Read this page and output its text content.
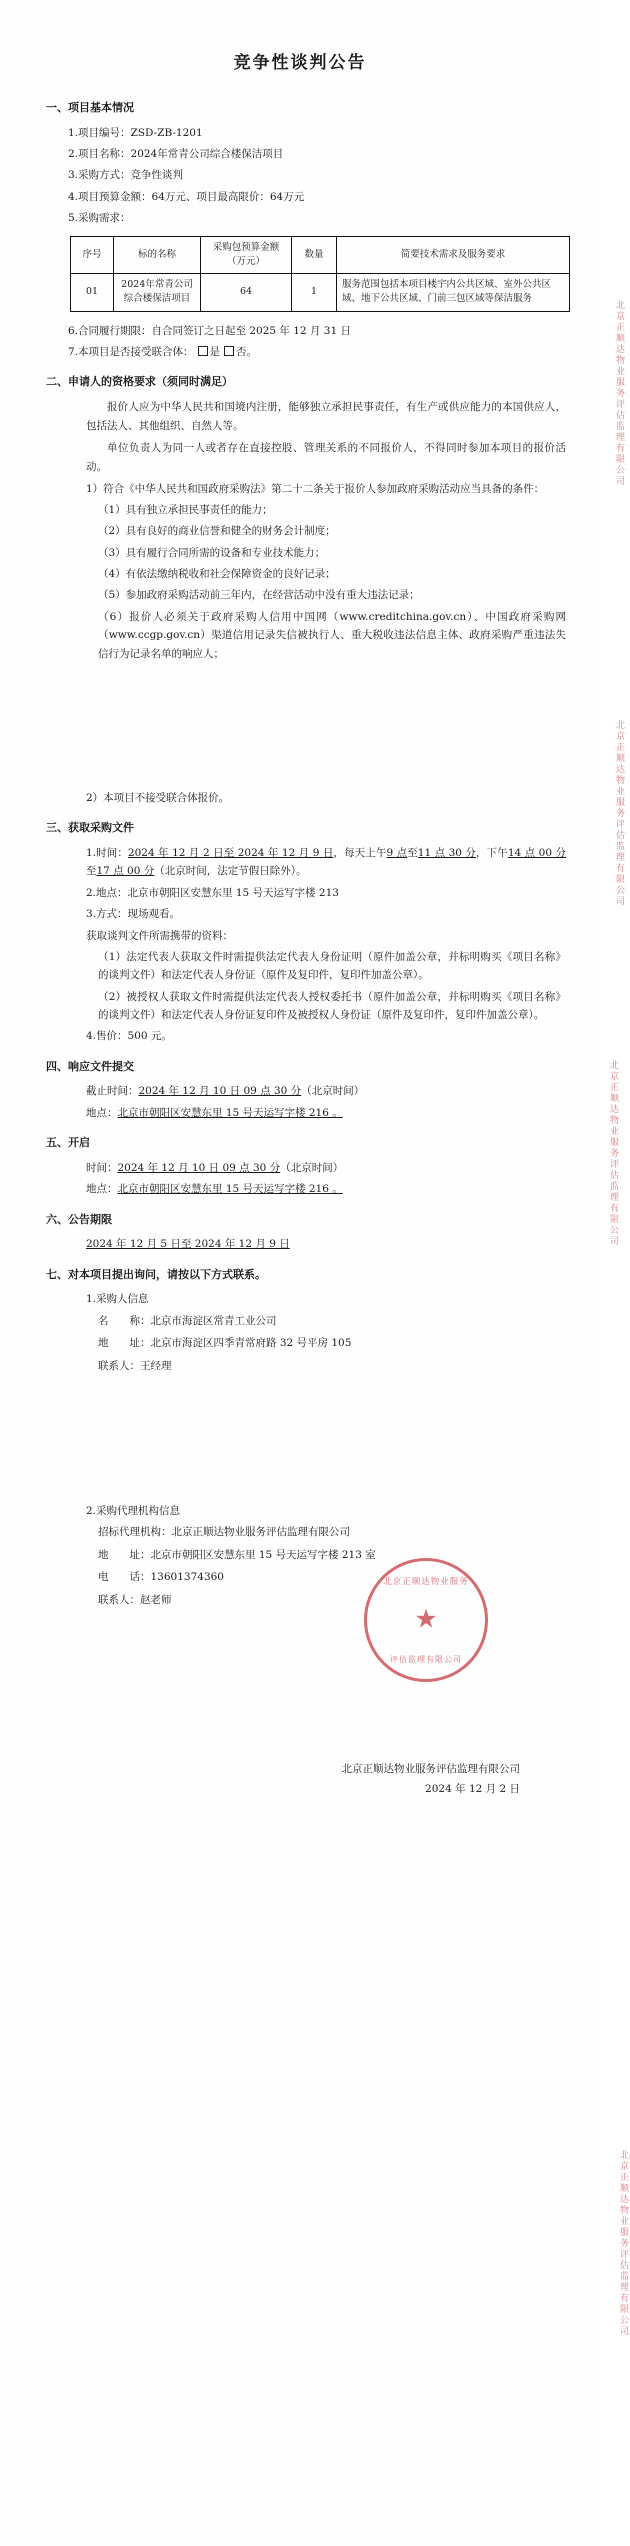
北京正顺达物业服务评估监理有限公司
北京正顺达物业服务评估监理有限公司
北京正顺达物业服务评估监理有限公司
北京正顺达物业服务评估监理有限公司
竞争性谈判公告
一、项目基本情况
1.项目编号：ZSD-ZB-1201
2.项目名称：2024年常青公司综合楼保洁项目
3.采购方式：竞争性谈判
4.项目预算金额：64万元、项目最高限价：64万元
5.采购需求：
序号	标的名称	采购包预算金额（万元）	数量	简要技术需求及服务要求
01	2024年常青公司综合楼保洁项目	64	1	服务范围包括本项目楼宇内公共区域、室外公共区域、地下公共区域、门前三包区域等保洁服务
6.合同履行期限：自合同签订之日起至 2025 年 12 月 31 日
7.本项目是否接受联合体： 是 否。
二、申请人的资格要求（须同时满足）
报价人应为中华人民共和国境内注册，能够独立承担民事责任，有生产或供应能力的本国供应人，包括法人、其他组织、自然人等。
单位负责人为同一人或者存在直接控股、管理关系的不同报价人，不得同时参加本项目的报价活动。
1）符合《中华人民共和国政府采购法》第二十二条关于报价人参加政府采购活动应当具备的条件：
（1）具有独立承担民事责任的能力；
（2）具有良好的商业信誉和健全的财务会计制度；
（3）具有履行合同所需的设备和专业技术能力；
（4）有依法缴纳税收和社会保障资金的良好记录；
（5）参加政府采购活动前三年内，在经营活动中没有重大违法记录；
（6）报价人必须关于政府采购人信用中国网（www.creditchina.gov.cn）、中国政府采购网（www.ccgp.gov.cn）渠道信用记录失信被执行人、重大税收违法信息主体、政府采购严重违法失信行为记录名单的响应人；
2）本项目不接受联合体报价。
三、获取采购文件
1.时间：2024 年 12 月 2 日至 2024 年 12 月 9 日，每天上午9 点至11 点 30 分，下午14 点 00 分至17 点 00 分（北京时间，法定节假日除外）。
2.地点：北京市朝阳区安慧东里 15 号天运写字楼 213
3.方式：现场观看。
获取谈判文件所需携带的资料：
（1）法定代表人获取文件时需提供法定代表人身份证明（原件加盖公章，并标明购买《项目名称》的谈判文件）和法定代表人身份证（原件及复印件，复印件加盖公章）。
（2）被授权人获取文件时需提供法定代表人授权委托书（原件加盖公章，并标明购买《项目名称》的谈判文件）和法定代表人身份证复印件及被授权人身份证（原件及复印件，复印件加盖公章）。
4.售价：500 元。
四、响应文件提交
截止时间：2024 年 12 月 10 日 09 点 30 分（北京时间）
地点：北京市朝阳区安慧东里 15 号天运写字楼 216 。
五、开启
时间：2024 年 12 月 10 日 09 点 30 分（北京时间）
地点：北京市朝阳区安慧东里 15 号天运写字楼 216 。
六、公告期限
2024 年 12 月 5 日至 2024 年 12 月 9 日
七、对本项目提出询问，请按以下方式联系。
1.采购人信息
名　　称：北京市海淀区常青工业公司
地　　址：北京市海淀区四季青常府路 32 号平房 105
联系人：王经理
2.采购代理机构信息
招标代理机构：北京正顺达物业服务评估监理有限公司
地　　址：北京市朝阳区安慧东里 15 号天运写字楼 213 室
电　　话：13601374360
联系人：赵老师
北京正顺达物业服务
★
评估监理有限公司
北京正顺达物业服务评估监理有限公司
2024 年 12 月 2 日
